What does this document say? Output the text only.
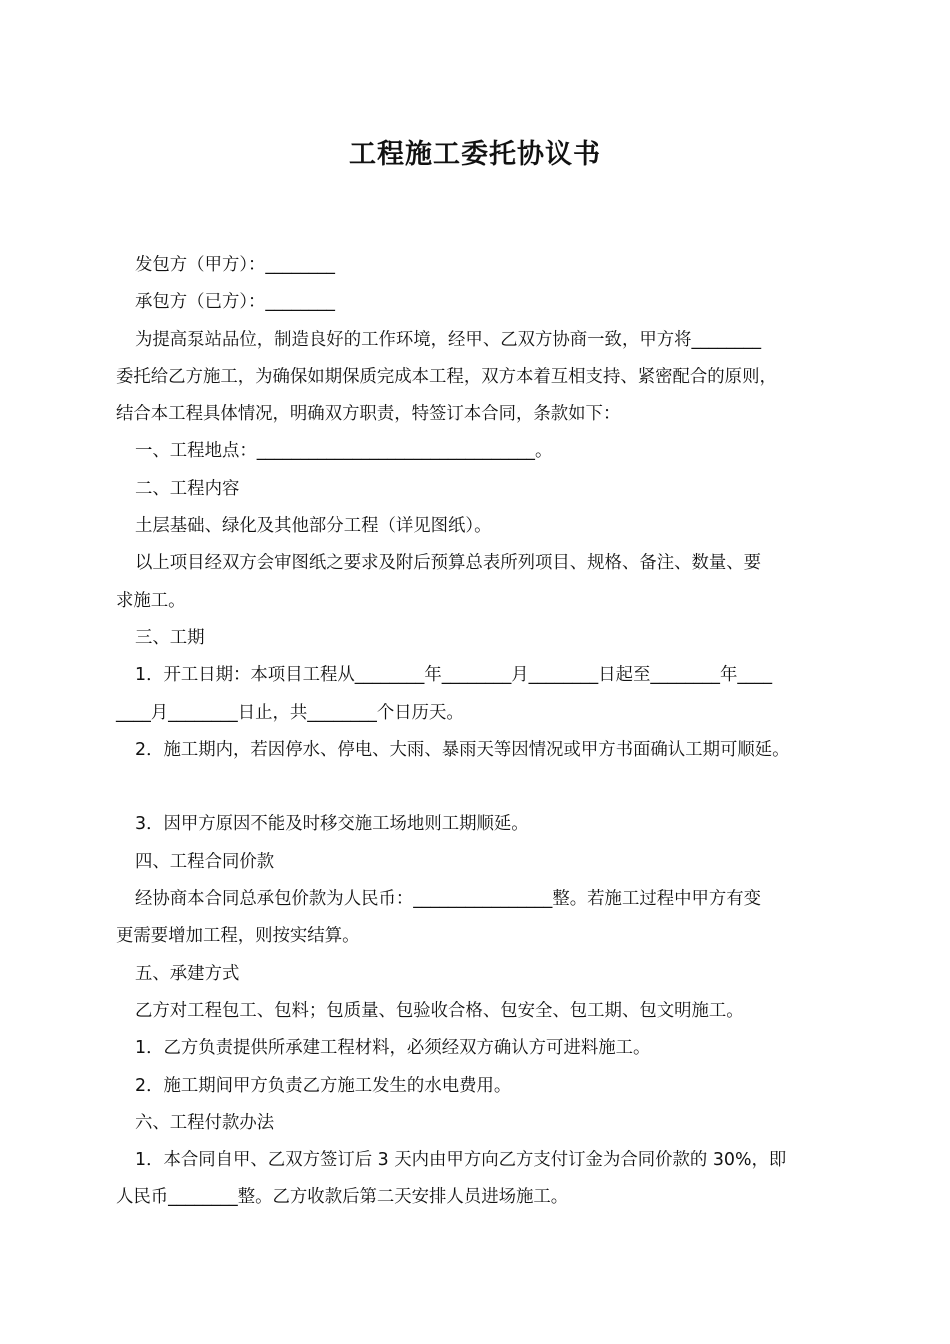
工程施工委托协议书
发包方（甲方）：________
承包方（已方）：________
为提高泵站品位，制造良好的工作环境，经甲、乙双方协商一致，甲方将________
委托给乙方施工，为确保如期保质完成本工程，双方本着互相支持、紧密配合的原则，
结合本工程具体情况，明确双方职责，特签订本合同，条款如下：
一、工程地点：________________________________。
二、工程内容
土层基础、绿化及其他部分工程（详见图纸）。
以上项目经双方会审图纸之要求及附后预算总表所列项目、规格、备注、数量、要
求施工。
三、工期
1．开工日期：本项目工程从________年________月________日起至________年____
____月________日止，共________个日历天。
2．施工期内，若因停水、停电、大雨、暴雨天等因情况或甲方书面确认工期可顺延。
3．因甲方原因不能及时移交施工场地则工期顺延。
四、工程合同价款
经协商本合同总承包价款为人民币：________________整。若施工过程中甲方有变
更需要增加工程，则按实结算。
五、承建方式
乙方对工程包工、包料；包质量、包验收合格、包安全、包工期、包文明施工。
1．乙方负责提供所承建工程材料，必须经双方确认方可进料施工。
2．施工期间甲方负责乙方施工发生的水电费用。
六、工程付款办法
1．本合同自甲、乙双方签订后 3 天内由甲方向乙方支付订金为合同价款的 30%，即
人民币________整。乙方收款后第二天安排人员进场施工。
